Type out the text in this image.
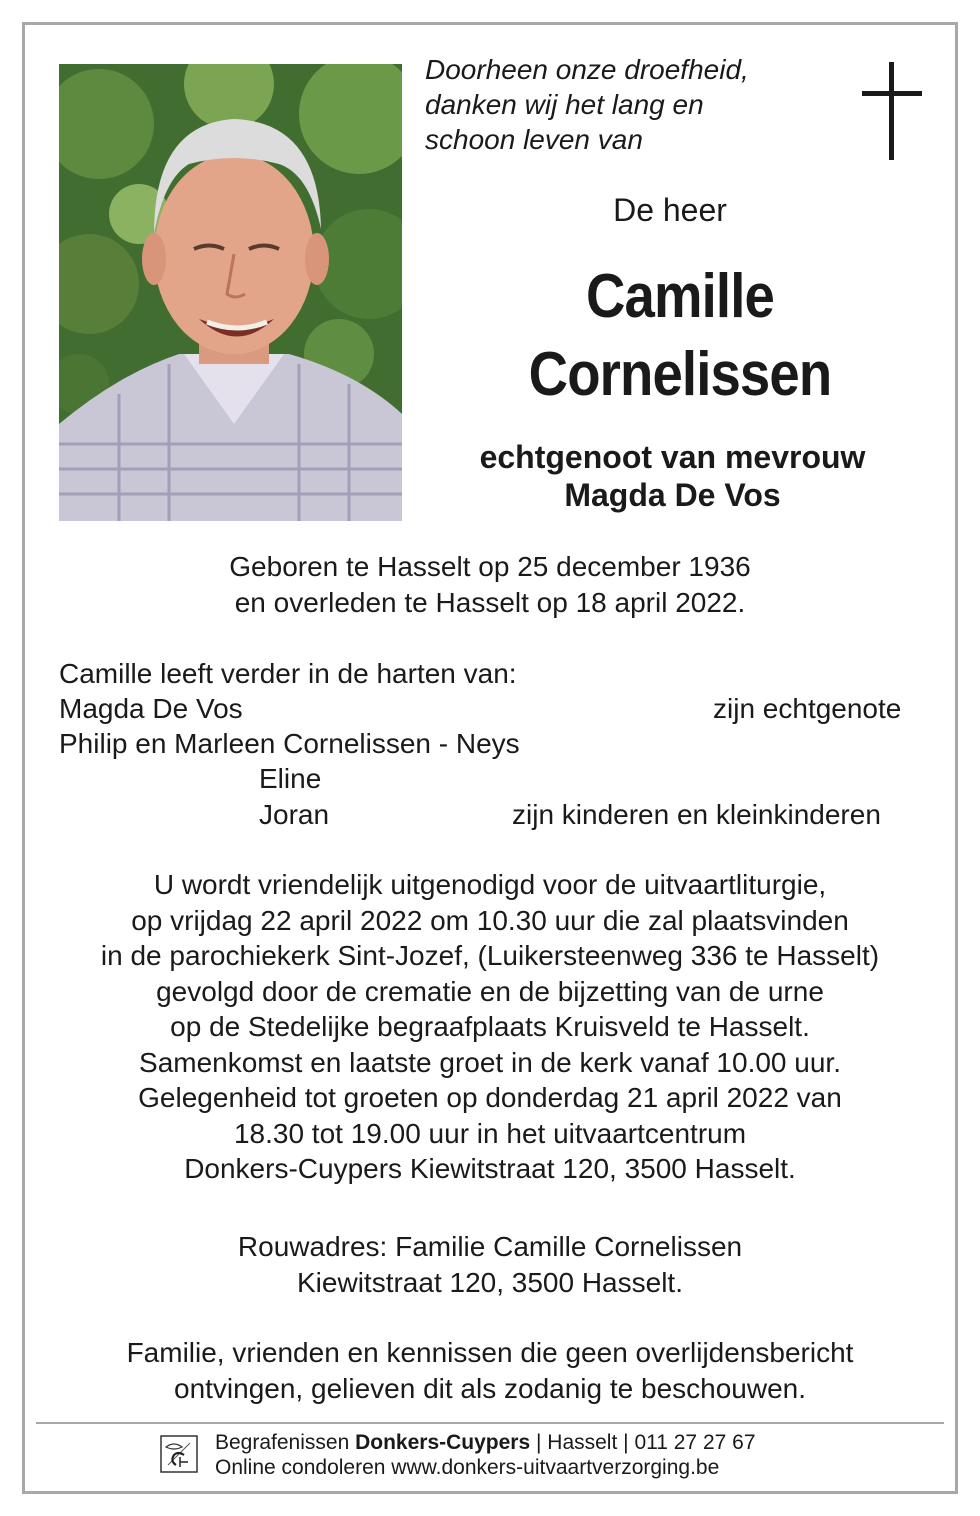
Doorheen onze droefheid,
danken wij het lang en
schoon leven van
De heer
Camille
Cornelissen
echtgenoot van mevrouw
Magda De Vos
Geboren te Hasselt op 25 december 1936
en overleden te Hasselt op 18 april 2022.
Camille leeft verder in de harten van:
Magda De Vos	zijn echtgenote
Philip en Marleen Cornelissen - Neys
Eline
Joran	zijn kinderen en kleinkinderen
U wordt vriendelijk uitgenodigd voor de uitvaartliturgie,
op vrijdag 22 april 2022 om 10.30 uur die zal plaatsvinden
in de parochiekerk Sint-Jozef, (Luikersteenweg 336 te Hasselt)
gevolgd door de crematie en de bijzetting van de urne
op de Stedelijke begraafplaats Kruisveld te Hasselt.
Samenkomst en laatste groet in de kerk vanaf 10.00 uur.
Gelegenheid tot groeten op donderdag 21 april 2022 van
18.30 tot 19.00 uur in het uitvaartcentrum
Donkers-Cuypers Kiewitstraat 120, 3500 Hasselt.
Rouwadres: Familie Camille Cornelissen
Kiewitstraat 120, 3500 Hasselt.
Familie, vrienden en kennissen die geen overlijdensbericht
ontvingen, gelieven dit als zodanig te beschouwen.
Begrafenissen Donkers-Cuypers | Hasselt | 011 27 27 67
Online condoleren www.donkers-uitvaartverzorging.be
